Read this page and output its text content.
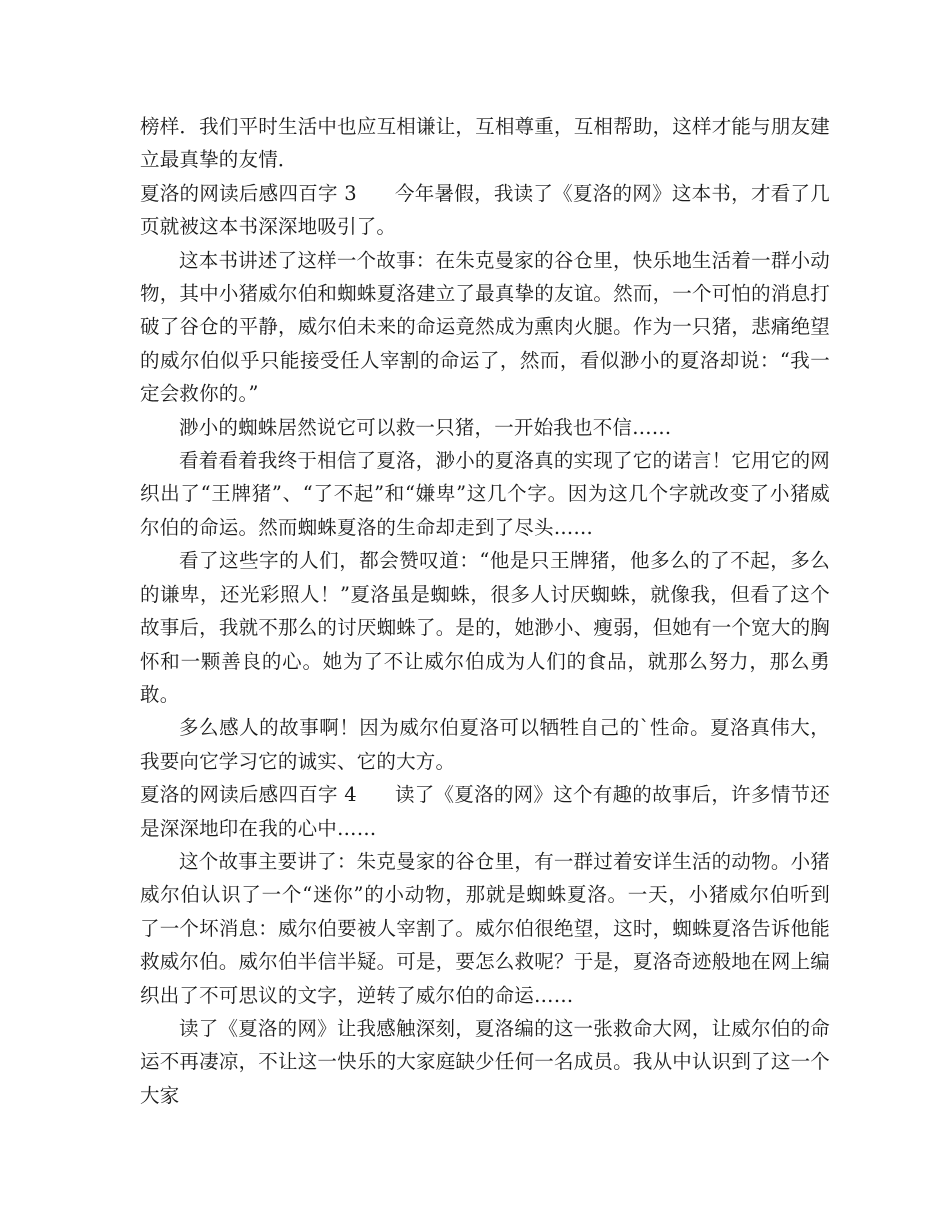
榜样．我们平时生活中也应互相谦让，互相尊重，互相帮助，这样才能与朋友建立最真挚的友情．

夏洛的网读后感四百字 3 今年暑假，我读了《夏洛的网》这本书，才看了几页就被这本书深深地吸引了。

这本书讲述了这样一个故事：在朱克曼家的谷仓里，快乐地生活着一群小动物，其中小猪威尔伯和蜘蛛夏洛建立了最真挚的友谊。然而，一个可怕的消息打破了谷仓的平静，威尔伯未来的命运竟然成为熏肉火腿。作为一只猪，悲痛绝望的威尔伯似乎只能接受任人宰割的命运了，然而，看似渺小的夏洛却说：“我一定会救你的。”

渺小的蜘蛛居然说它可以救一只猪，一开始我也不信……

看着看着我终于相信了夏洛，渺小的夏洛真的实现了它的诺言！它用它的网织出了“王牌猪”、“了不起”和“嫌卑”这几个字。因为这几个字就改变了小猪威尔伯的命运。然而蜘蛛夏洛的生命却走到了尽头……

看了这些字的人们，都会赞叹道：“他是只王牌猪，他多么的了不起，多么的谦卑，还光彩照人！”夏洛虽是蜘蛛，很多人讨厌蜘蛛，就像我，但看了这个故事后，我就不那么的讨厌蜘蛛了。是的，她渺小、瘦弱，但她有一个宽大的胸怀和一颗善良的心。她为了不让威尔伯成为人们的食品，就那么努力，那么勇敢。

多么感人的故事啊！因为威尔伯夏洛可以牺牲自己的`性命。夏洛真伟大，我要向它学习它的诚实、它的大方。

夏洛的网读后感四百字 4 读了《夏洛的网》这个有趣的故事后，许多情节还是深深地印在我的心中……

这个故事主要讲了：朱克曼家的谷仓里，有一群过着安详生活的动物。小猪威尔伯认识了一个“迷你”的小动物，那就是蜘蛛夏洛。一天，小猪威尔伯听到了一个坏消息：威尔伯要被人宰割了。威尔伯很绝望，这时，蜘蛛夏洛告诉他能救威尔伯。威尔伯半信半疑。可是，要怎么救呢？于是，夏洛奇迹般地在网上编织出了不可思议的文字，逆转了威尔伯的命运……

读了《夏洛的网》让我感触深刻，夏洛编的这一张救命大网，让威尔伯的命运不再凄凉，不让这一快乐的大家庭缺少任何一名成员。我从中认识到了这一个大家
